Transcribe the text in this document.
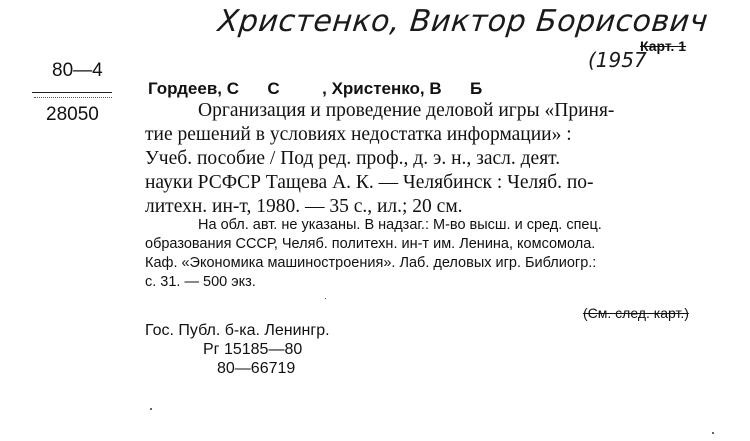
Христенко, Виктор Борисович
(1957
Карт. 1
80—4
28050
Гордеев, С      С         , Христенко, В      Б
Организация и проведение деловой игры «Приня-
тие решений в условиях недостатка информации» :
Учеб. пособие / Под ред. проф., д. э. н., засл. деят.
науки РСФСР Тащева А. К. — Челябинск : Челяб. по-
литехн. ин-т, 1980. — 35 с., ил.; 20 см.
На обл. авт. не указаны. В надзаг.: М-во высш. и сред. спец.
образования СССР, Челяб. политехн. ин-т им. Ленина, комсомола.
Каф. «Экономика машиностроения». Лаб. деловых игр. Библиогр.:
с. 31. — 500 экз.
(См. след. карт.)
Гос. Публ. б-ка. Ленингр.
Рг 15185—80
80—66719
